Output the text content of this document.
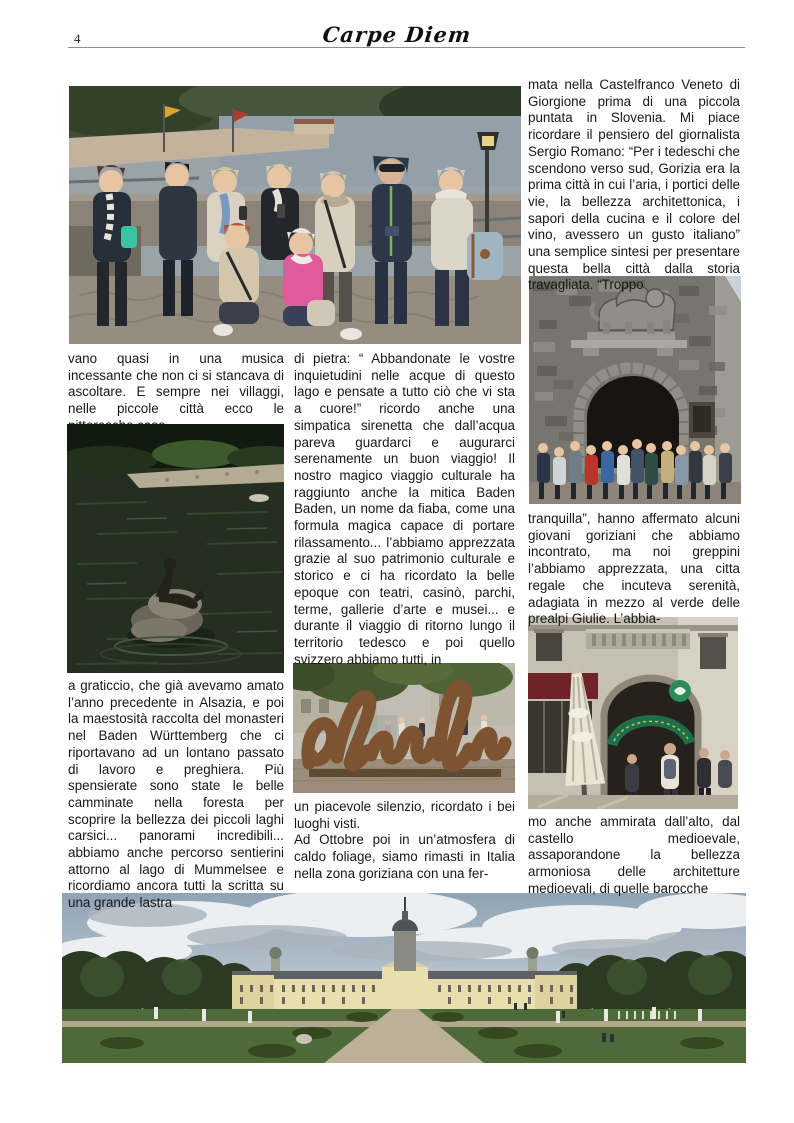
4	Carpe Diem

vano quasi in una musica incessante che non ci si stancava di ascoltare. E sempre nei villaggi, nelle piccole città ecco le pittoresche case

a graticcio, che già avevamo amato l’anno precedente in Alsazia, e poi la maestosità raccolta del monasteri nel Baden Württemberg che ci riportavano ad un lontano passato di lavoro e preghiera. Più spensierate sono state le belle camminate nella foresta per scoprire la bellezza dei piccoli laghi carsici... panorami incredibili... abbiamo anche percorso sentierini attorno al lago di Mummelsee e ricordiamo ancora tutti la scritta su una grande lastra

di pietra: “ Abbandonate le vostre inquietudini nelle acque di questo lago e pensate a tutto ciò che vi sta a cuore!” ricordo anche una simpatica sirenetta che dall’acqua pareva guardarci e augurarci serenamente un buon viaggio! Il nostro magico viaggio culturale ha raggiunto anche la mitica Baden Baden, un nome da fiaba, come una formula magica capace di portare rilassamento... l’abbiamo apprezzata grazie al suo patrimonio culturale e storico e ci ha ricordato la belle epoque con teatri, casinò, parchi, terme, gallerie d’arte e musei... e durante il viaggio di ritorno lungo il territorio tedesco e poi quello svizzero abbiamo tutti, in

un piacevole silenzio, ricordato i bei luoghi visti.

Ad Ottobre poi in un’atmosfera di caldo foliage, siamo rimasti in Italia nella zona goriziana con una fer-

mata nella Castelfranco Veneto di Giorgione prima di una piccola puntata in Slovenia. Mi piace ricordare il pensiero del giornalista Sergio Romano: “Per i tedeschi che scendono verso sud, Gorizia era la prima città in cui l’aria, i portici delle vie, la bellezza architettonica, i sapori della cucina e il colore del vino, avessero un gusto italiano” una semplice sintesi per presentare questa bella città dalla storia travagliata. “Troppo

tranquilla”, hanno affermato alcuni giovani goriziani che abbiamo incontrato, ma noi greppini l’abbiamo apprezzata, una citta regale che incuteva serenità, adagiata in mezzo al verde delle prealpi Giulie. L’abbia-

mo anche ammirata dall’alto, dal castello medioevale, assaporandone la bellezza armoniosa delle architetture medioevali, di quelle barocche
